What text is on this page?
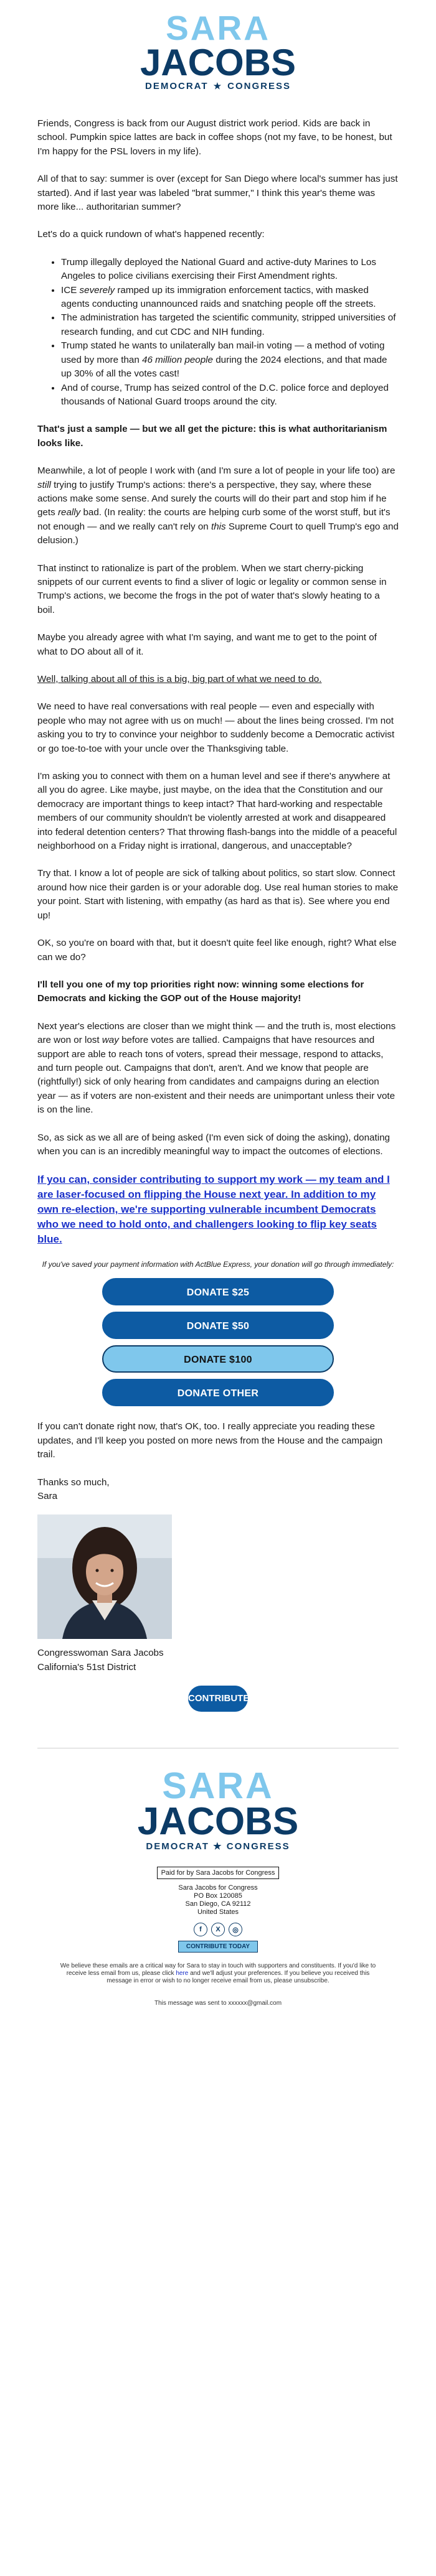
SARA
JACOBS
DEMOCRAT ★ CONGRESS

Friends, Congress is back from our August district work period. Kids are back in school. Pumpkin spice lattes are back in coffee shops (not my fave, to be honest, but I'm happy for the PSL lovers in my life).

All of that to say: summer is over (except for San Diego where local's summer has just started). And if last year was labeled "brat summer," I think this year's theme was more like... authoritarian summer?

Let's do a quick rundown of what's happened recently:

• Trump illegally deployed the National Guard and active-duty Marines to Los Angeles to police civilians exercising their First Amendment rights.
• ICE severely ramped up its immigration enforcement tactics, with masked agents conducting unannounced raids and snatching people off the streets.
• The administration has targeted the scientific community, stripped universities of research funding, and cut CDC and NIH funding.
• Trump stated he wants to unilaterally ban mail-in voting — a method of voting used by more than 46 million people during the 2024 elections, and that made up 30% of all the votes cast!
• And of course, Trump has seized control of the D.C. police force and deployed thousands of National Guard troops around the city.

That's just a sample — but we all get the picture: this is what authoritarianism looks like.

Meanwhile, a lot of people I work with (and I'm sure a lot of people in your life too) are still trying to justify Trump's actions: there's a perspective, they say, where these actions make some sense. And surely the courts will do their part and stop him if he gets really bad. (In reality: the courts are helping curb some of the worst stuff, but it's not enough — and we really can't rely on this Supreme Court to quell Trump's ego and delusion.)

That instinct to rationalize is part of the problem. When we start cherry-picking snippets of our current events to find a sliver of logic or legality or common sense in Trump's actions, we become the frogs in the pot of water that's slowly heating to a boil.

Maybe you already agree with what I'm saying, and want me to get to the point of what to DO about all of it.

Well, talking about all of this is a big, big part of what we need to do.

We need to have real conversations with real people — even and especially with people who may not agree with us on much! — about the lines being crossed. I'm not asking you to try to convince your neighbor to suddenly become a Democratic activist or go toe-to-toe with your uncle over the Thanksgiving table.

I'm asking you to connect with them on a human level and see if there's anywhere at all you do agree. Like maybe, just maybe, on the idea that the Constitution and our democracy are important things to keep intact? That hard-working and respectable members of our community shouldn't be violently arrested at work and disappeared into federal detention centers? That throwing flash-bangs into the middle of a peaceful neighborhood on a Friday night is irrational, dangerous, and unacceptable?

Try that. I know a lot of people are sick of talking about politics, so start slow. Connect around how nice their garden is or your adorable dog. Use real human stories to make your point. Start with listening, with empathy (as hard as that is). See where you end up!

OK, so you're on board with that, but it doesn't quite feel like enough, right? What else can we do?

I'll tell you one of my top priorities right now: winning some elections for Democrats and kicking the GOP out of the House majority!

Next year's elections are closer than we might think — and the truth is, most elections are won or lost way before votes are tallied. Campaigns that have resources and support are able to reach tons of voters, spread their message, respond to attacks, and turn people out. Campaigns that don't, aren't. And we know that people are (rightfully!) sick of only hearing from candidates and campaigns during an election year — as if voters are non-existent and their needs are unimportant unless their vote is on the line.

So, as sick as we all are of being asked (I'm even sick of doing the asking), donating when you can is an incredibly meaningful way to impact the outcomes of elections.

If you can, consider contributing to support my work — my team and I are laser-focused on flipping the House next year. In addition to my own re-election, we're supporting vulnerable incumbent Democrats who we need to hold onto, and challengers looking to flip key seats blue.

If you've saved your payment information with ActBlue Express, your donation will go through immediately:

DONATE $25
DONATE $50
DONATE $100
DONATE OTHER

If you can't donate right now, that's OK, too. I really appreciate you reading these updates, and I'll keep you posted on more news from the House and the campaign trail.

Thanks so much,
Sara

Congresswoman Sara Jacobs
California's 51st District

CONTRIBUTE
SARA
JACOBS
DEMOCRAT ★ CONGRESS
Paid for by Sara Jacobs for Congress
Sara Jacobs for Congress
PO Box 120085
San Diego, CA 92112
United States
f	X	◎
CONTRIBUTE TODAY
We believe these emails are a critical way for Sara to stay in touch with supporters and constituents. If you'd like to receive less email from us, please click here and we'll adjust your preferences. If you believe you received this message in error or wish to no longer receive email from us, please unsubscribe.
This message was sent to xxxxxx@gmail.com
